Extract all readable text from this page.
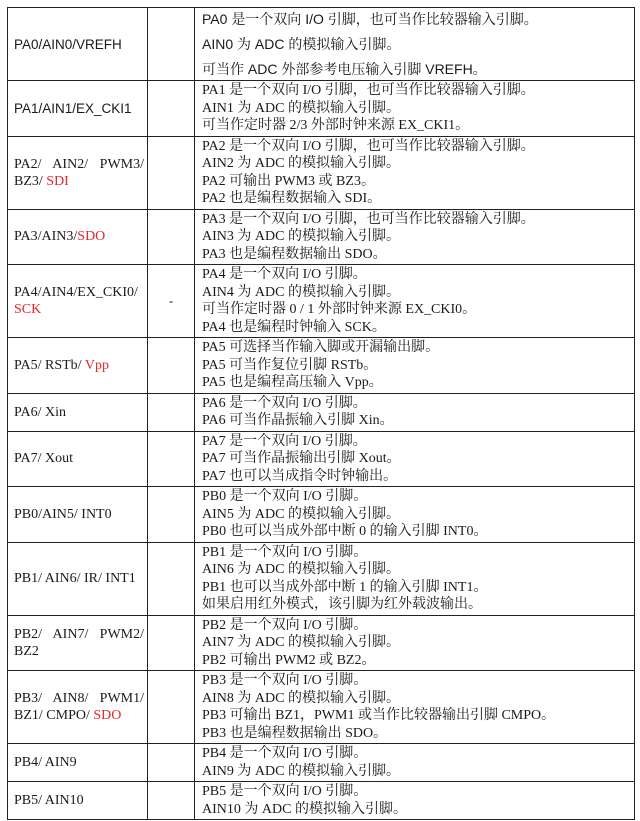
PA0/AIN0/VREFH		PA0 是一个双向 I/O 引脚，也可当作比较器输入引脚。
AIN0 为 ADC 的模拟输入引脚。
可当作 ADC 外部参考电压输入引脚 VREFH。

PA1/AIN1/EX_CKI1		PA1 是一个双向 I/O 引脚，也可当作比较器输入引脚。
AIN1 为 ADC 的模拟输入引脚。
可当作定时器 2/3 外部时钟来源 EX_CKI1。

PA2/ AIN2/ PWM3/ BZ3/ SDI		PA2 是一个双向 I/O 引脚，也可当作比较器输入引脚。
AIN2 为 ADC 的模拟输入引脚。
PA2 可输出 PWM3 或 BZ3。
PA2 也是编程数据输入 SDI。

PA3/AIN3/SDO		PA3 是一个双向 I/O 引脚，也可当作比较器输入引脚。
AIN3 为 ADC 的模拟输入引脚。
PA3 也是编程数据输出 SDO。

PA4/AIN4/EX_CKI0/ SCK	-	PA4 是一个双向 I/O 引脚。
AIN4 为 ADC 的模拟输入引脚。
可当作定时器 0 / 1 外部时钟来源 EX_CKI0。
PA4 也是编程时钟输入 SCK。

PA5/ RSTb/ Vpp		PA5 可选择当作输入脚或开漏输出脚。
PA5 可当作复位引脚 RSTb。
PA5 也是编程高压输入 Vpp。

PA6/ Xin		PA6 是一个双向 I/O 引脚。
PA6 可当作晶振输入引脚 Xin。

PA7/ Xout		PA7 是一个双向 I/O 引脚。
PA7 可当作晶振输出引脚 Xout。
PA7 也可以当成指令时钟输出。

PB0/AIN5/ INT0		PB0 是一个双向 I/O 引脚。
AIN5 为 ADC 的模拟输入引脚。
PB0 也可以当成外部中断 0 的输入引脚 INT0。

PB1/ AIN6/ IR/ INT1		PB1 是一个双向 I/O 引脚。
AIN6 为 ADC 的模拟输入引脚。
PB1 也可以当成外部中断 1 的输入引脚 INT1。
如果启用红外模式，该引脚为红外载波输出。

PB2/ AIN7/ PWM2/ BZ2		PB2 是一个双向 I/O 引脚。
AIN7 为 ADC 的模拟输入引脚。
PB2 可输出 PWM2 或 BZ2。

PB3/ AIN8/ PWM1/ BZ1/ CMPO/ SDO		PB3 是一个双向 I/O 引脚。
AIN8 为 ADC 的模拟输入引脚。
PB3 可输出 BZ1，PWM1 或当作比较器输出引脚 CMPO。
PB3 也是编程数据输出 SDO。

PB4/ AIN9		PB4 是一个双向 I/O 引脚。
AIN9 为 ADC 的模拟输入引脚。

PB5/ AIN10		PB5 是一个双向 I/O 引脚。
AIN10 为 ADC 的模拟输入引脚。
